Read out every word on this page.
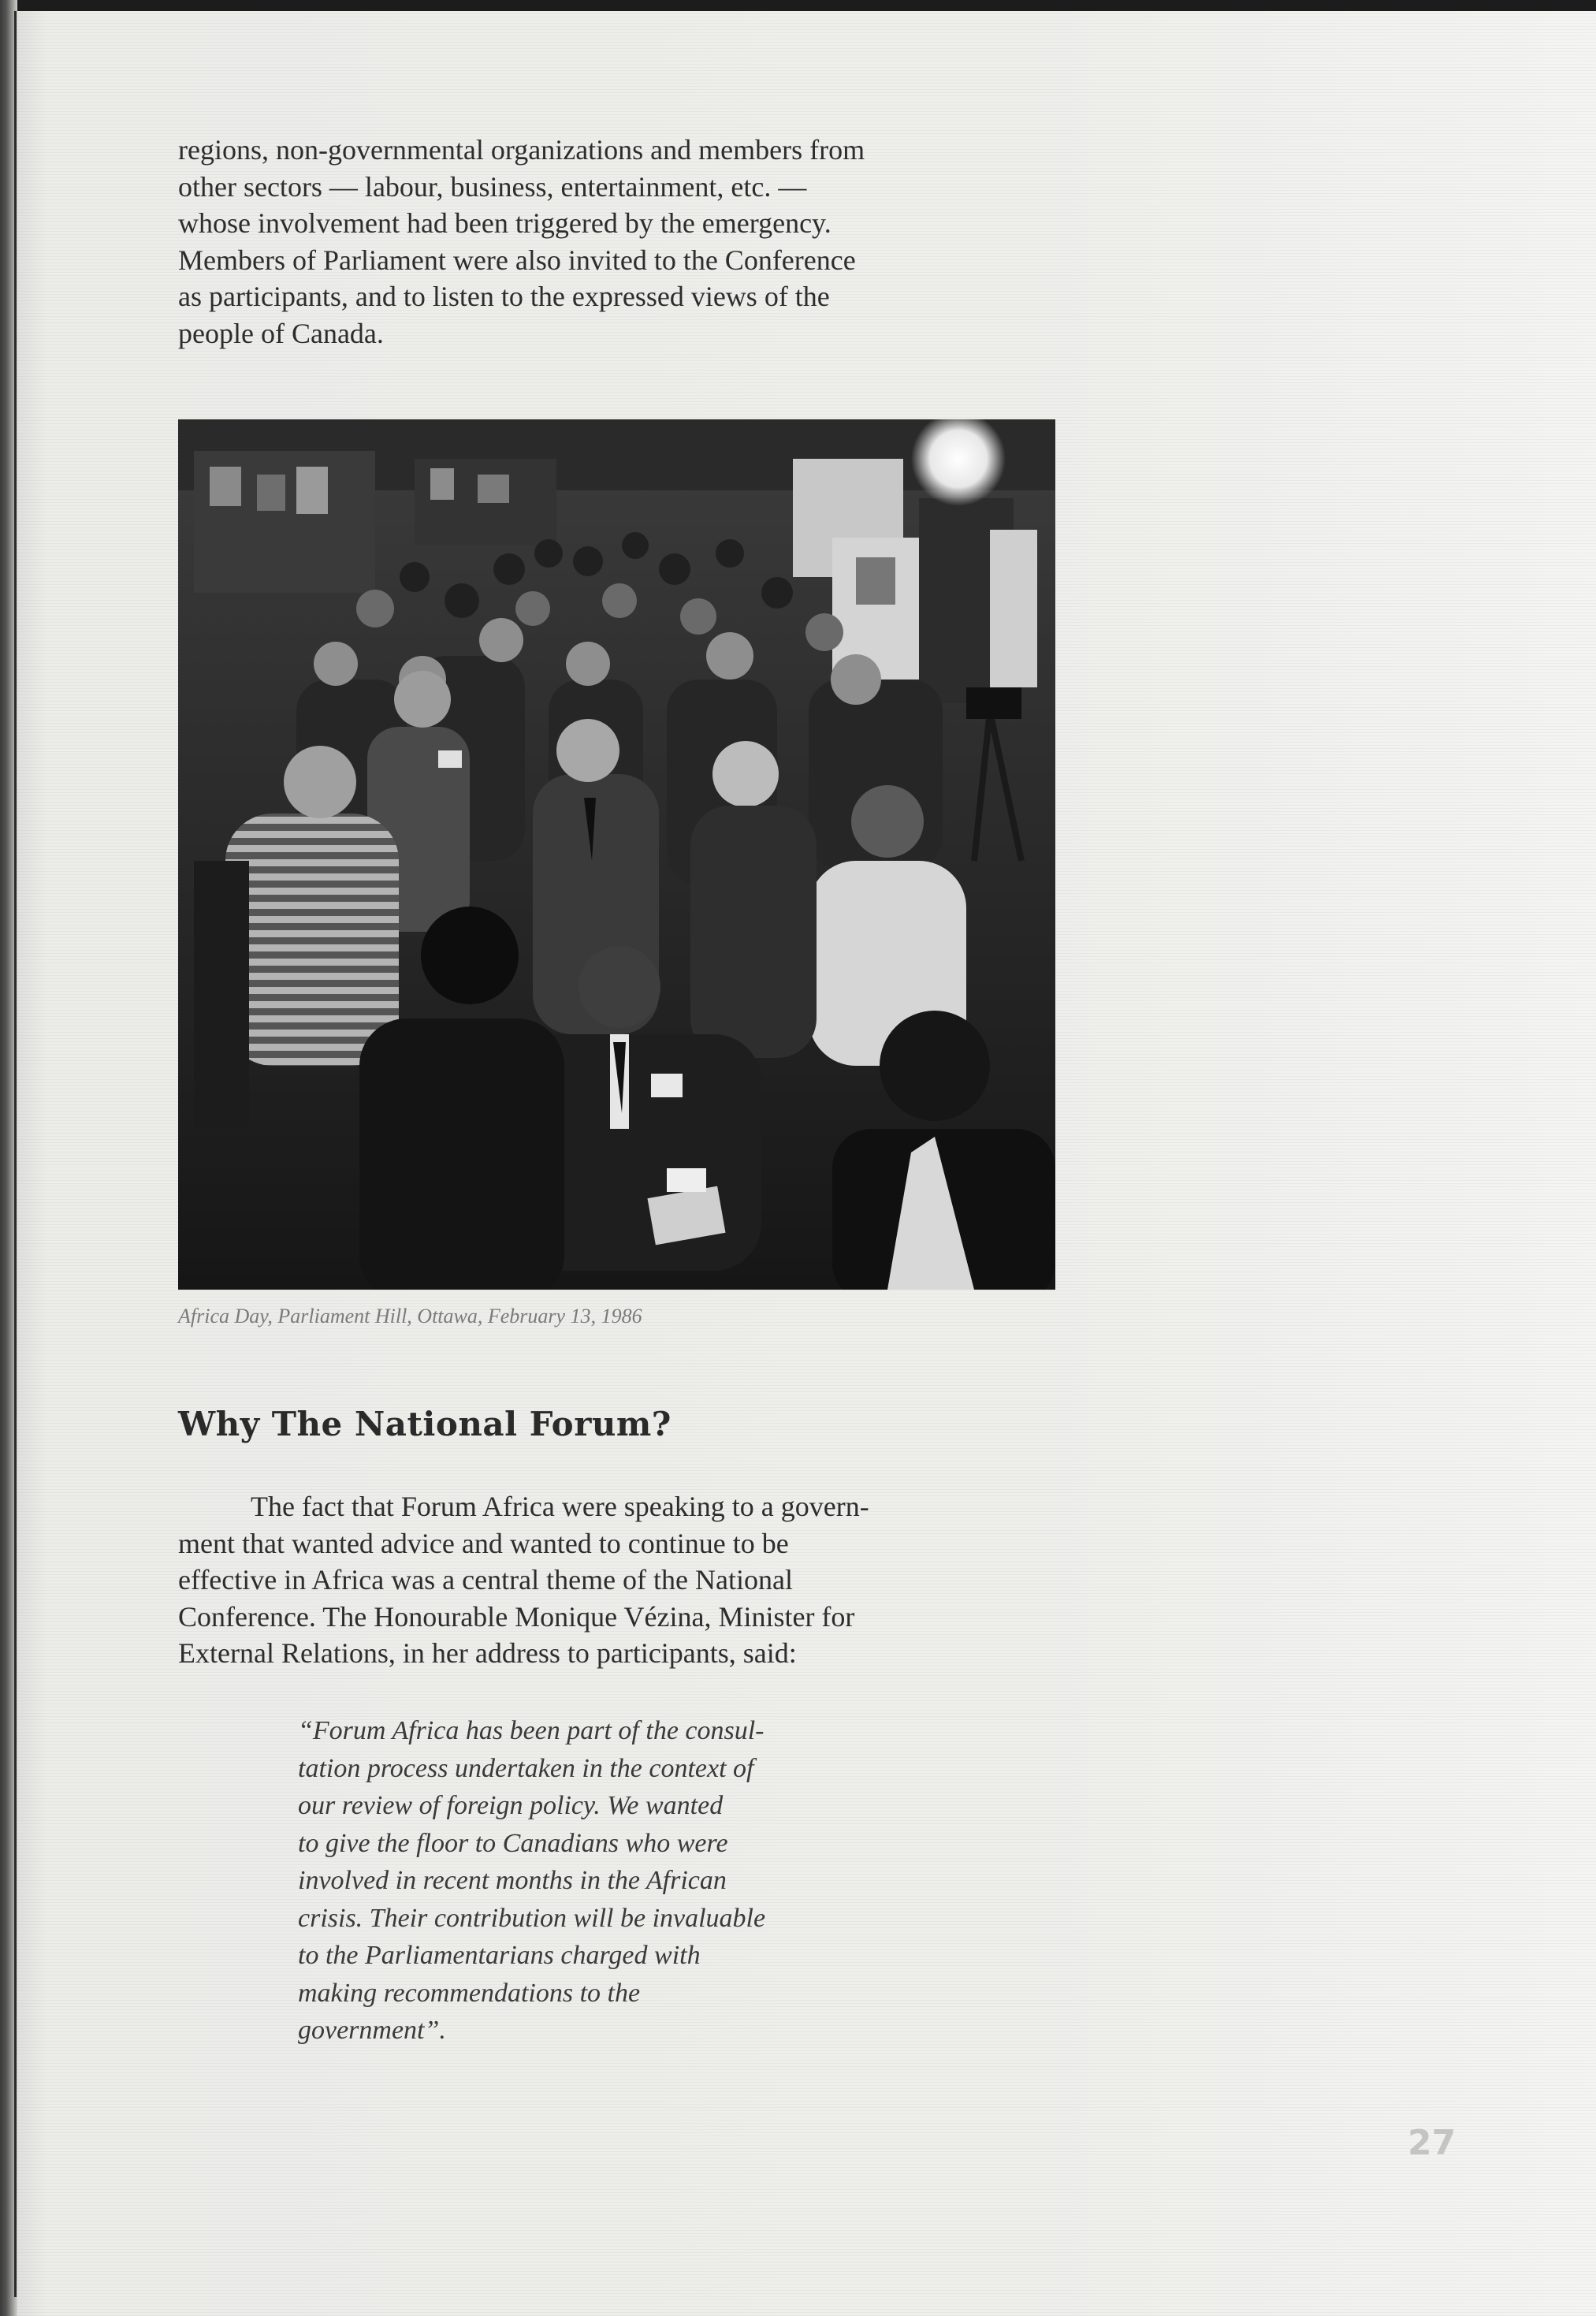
regions, non-governmental organizations and members from
other sectors — labour, business, entertainment, etc. —
whose involvement had been triggered by the emergency.
Members of Parliament were also invited to the Conference
as participants, and to listen to the expressed views of the
people of Canada.

Africa Day, Parliament Hill, Ottawa, February 13, 1986

Why The National Forum?

The fact that Forum Africa were speaking to a govern-
ment that wanted advice and wanted to continue to be
effective in Africa was a central theme of the National
Conference. The Honourable Monique Vézina, Minister for
External Relations, in her address to participants, said:

“Forum Africa has been part of the consul-
tation process undertaken in the context of
our review of foreign policy. We wanted
to give the floor to Canadians who were
involved in recent months in the African
crisis. Their contribution will be invaluable
to the Parliamentarians charged with
making recommendations to the
government”.

27
